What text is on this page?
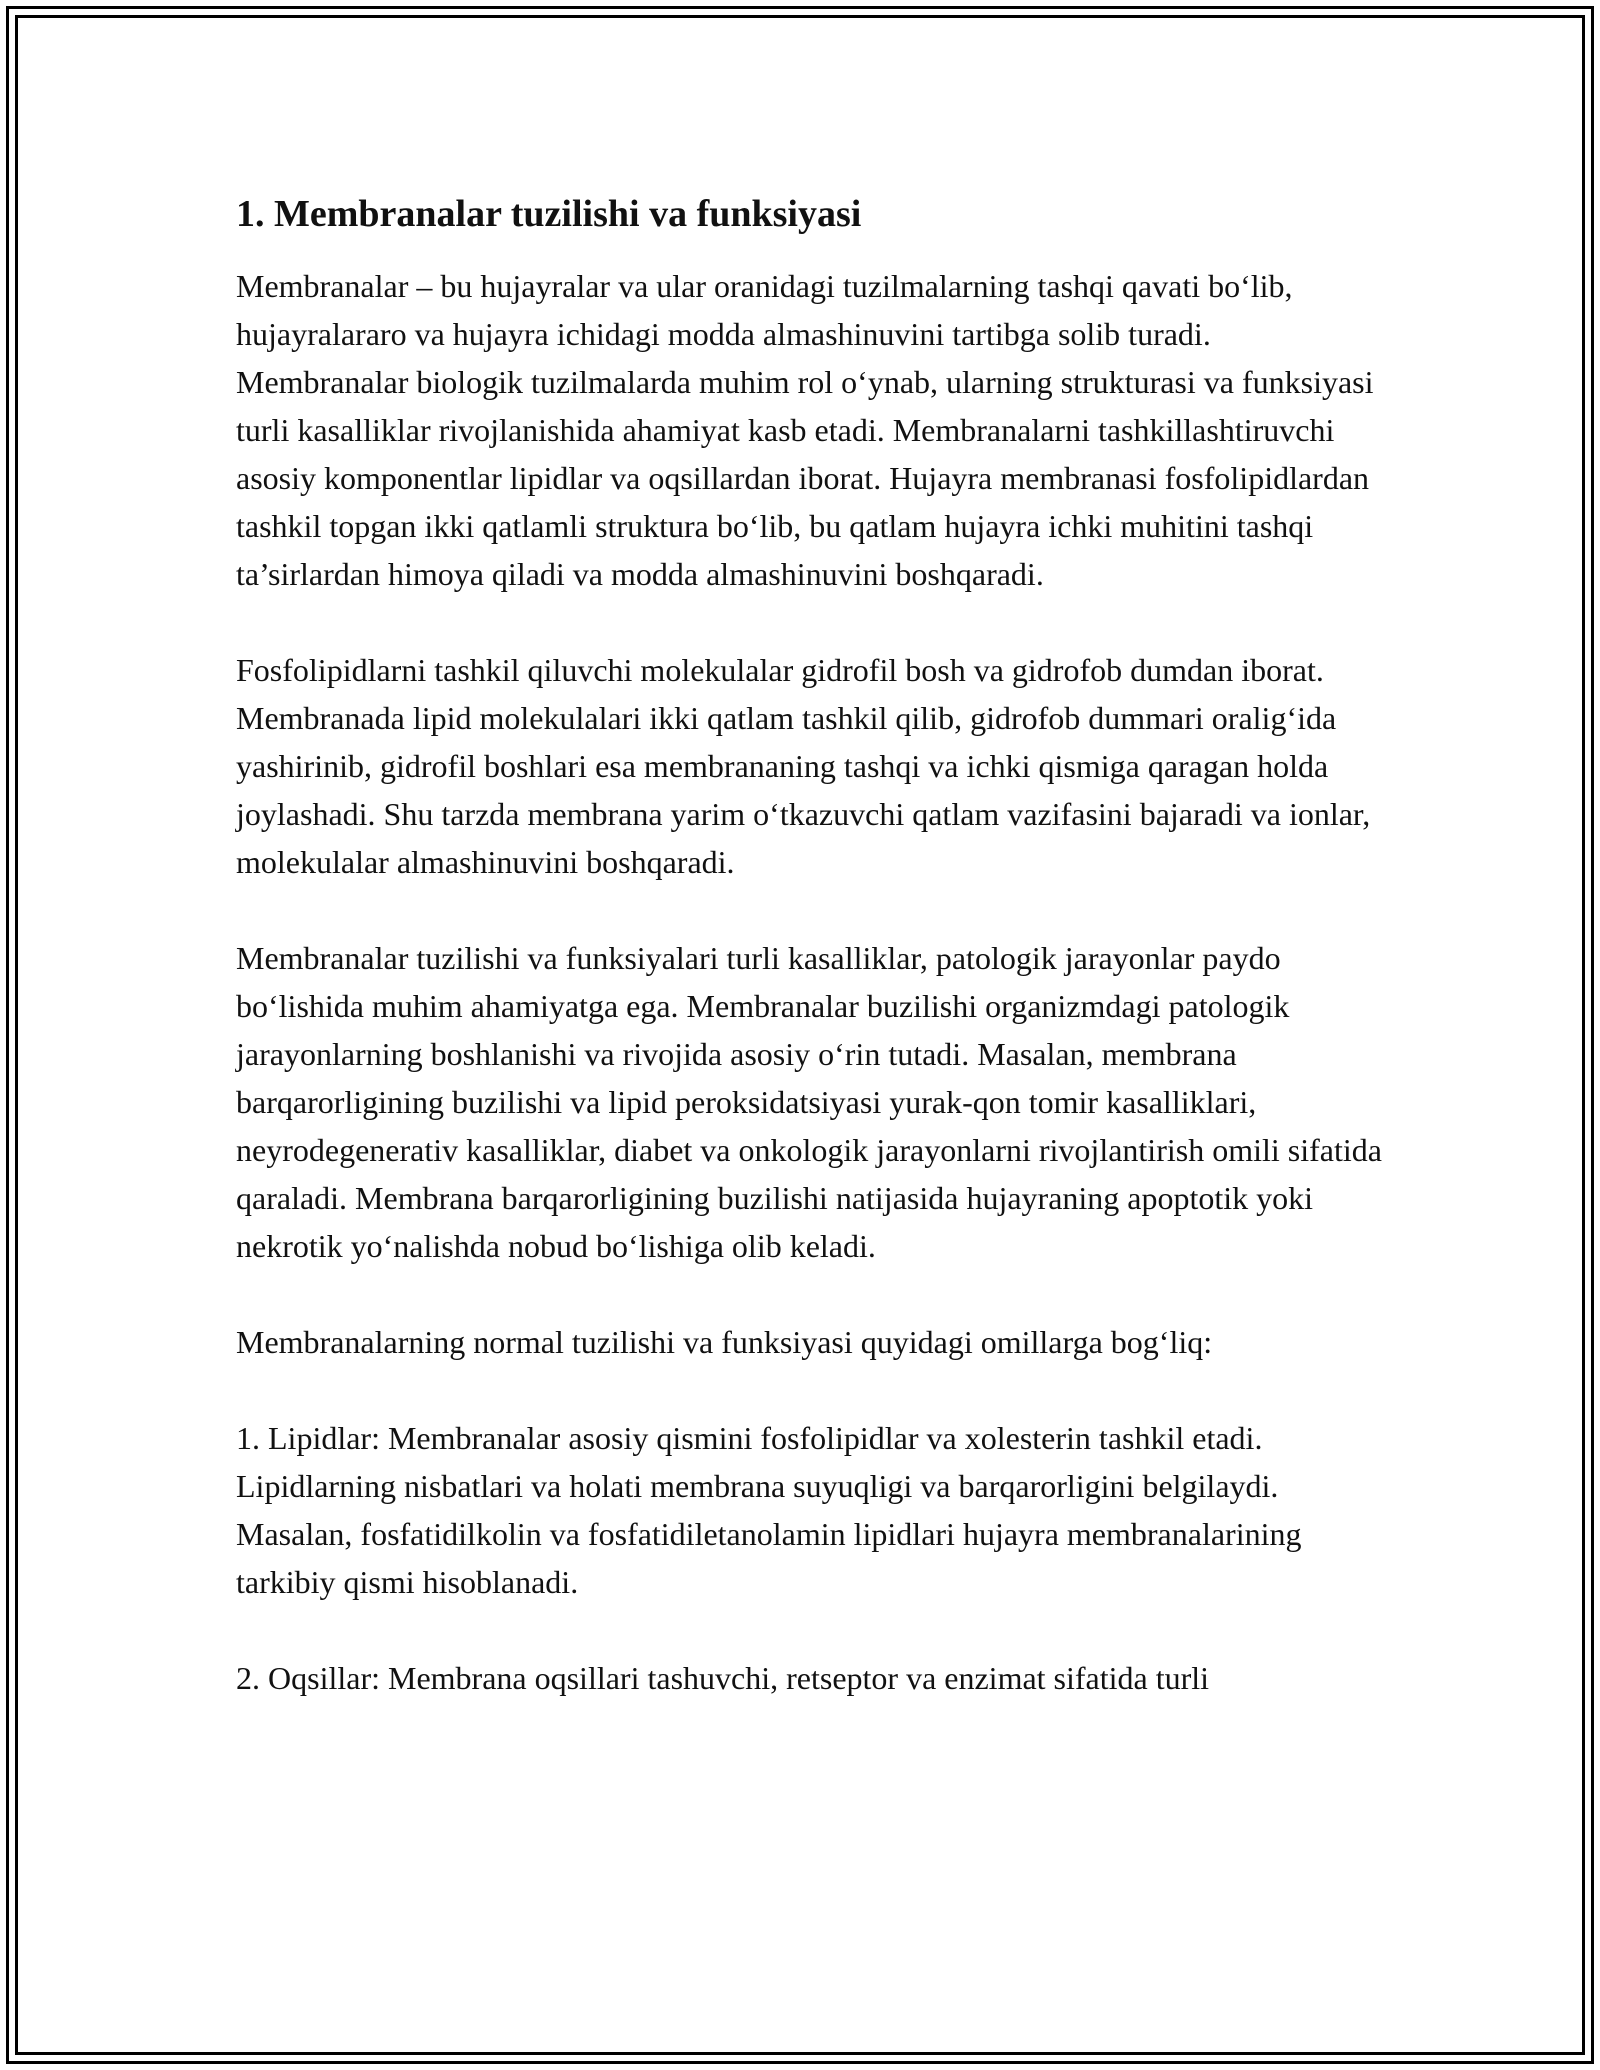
1. Membranalar tuzilishi va funksiyasi

Membranalar – bu hujayralar va ular oranidagi tuzilmalarning tashqi qavati bo‘lib, hujayralararo va hujayra ichidagi modda almashinuvini tartibga solib turadi. Membranalar biologik tuzilmalarda muhim rol o‘ynab, ularning strukturasi va funksiyasi turli kasalliklar rivojlanishida ahamiyat kasb etadi. Membranalarni tashkillashtiruvchi asosiy komponentlar lipidlar va oqsillardan iborat. Hujayra membranasi fosfolipidlardan tashkil topgan ikki qatlamli struktura bo‘lib, bu qatlam hujayra ichki muhitini tashqi ta’sirlardan himoya qiladi va modda almashinuvini boshqaradi.

Fosfolipidlarni tashkil qiluvchi molekulalar gidrofil bosh va gidrofob dumdan iborat. Membranada lipid molekulalari ikki qatlam tashkil qilib, gidrofob dummari oralig‘ida yashirinib, gidrofil boshlari esa membrananing tashqi va ichki qismiga qaragan holda joylashadi. Shu tarzda membrana yarim o‘tkazuvchi qatlam vazifasini bajaradi va ionlar, molekulalar almashinuvini boshqaradi.

Membranalar tuzilishi va funksiyalari turli kasalliklar, patologik jarayonlar paydo bo‘lishida muhim ahamiyatga ega. Membranalar buzilishi organizmdagi patologik jarayonlarning boshlanishi va rivojida asosiy o‘rin tutadi. Masalan, membrana barqarorligining buzilishi va lipid peroksidatsiyasi yurak-qon tomir kasalliklari, neyrodegenerativ kasalliklar, diabet va onkologik jarayonlarni rivojlantirish omili sifatida qaraladi. Membrana barqarorligining buzilishi natijasida hujayraning apoptotik yoki nekrotik yo‘nalishda nobud bo‘lishiga olib keladi.

Membranalarning normal tuzilishi va funksiyasi quyidagi omillarga bog‘liq:

1. Lipidlar: Membranalar asosiy qismini fosfolipidlar va xolesterin tashkil etadi. Lipidlarning nisbatlari va holati membrana suyuqligi va barqarorligini belgilaydi. Masalan, fosfatidilkolin va fosfatidiletanolamin lipidlari hujayra membranalarining tarkibiy qismi hisoblanadi.

2. Oqsillar: Membrana oqsillari tashuvchi, retseptor va enzimat sifatida turli
